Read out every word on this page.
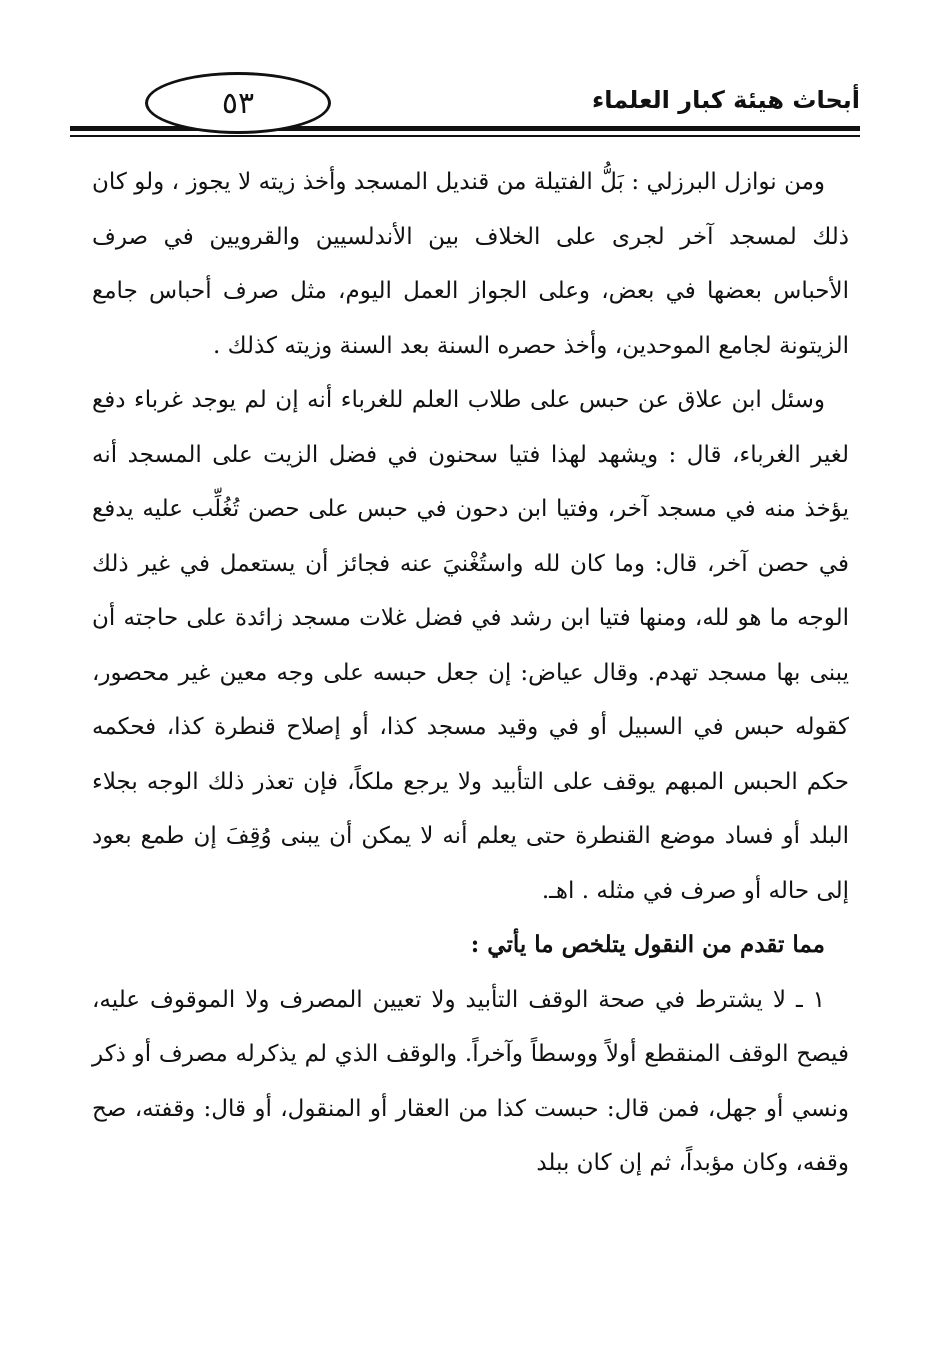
٥٣	أبحاث هيئة كبار العلماء

ومن نوازل البرزلي : بَلُّ الفتيلة من قنديل المسجد وأخذ زيته لا يجوز ، ولو كان ذلك لمسجد آخر لجرى على الخلاف بين الأندلسيين والقرويين في صرف الأحباس بعضها في بعض، وعلى الجواز العمل اليوم، مثل صرف أحباس جامع الزيتونة لجامع الموحدين، وأخذ حصره السنة بعد السنة وزيته كذلك .

وسئل ابن علاق عن حبس على طلاب العلم للغرباء أنه إن لم يوجد غرباء دفع لغير الغرباء، قال : ويشهد لهذا فتيا سحنون في فضل الزيت على المسجد أنه يؤخذ منه في مسجد آخر، وفتيا ابن دحون في حبس على حصن تُغُلِّب عليه يدفع في حصن آخر، قال: وما كان لله واستُغْنيَ عنه فجائز أن يستعمل في غير ذلك الوجه ما هو لله، ومنها فتيا ابن رشد في فضل غلات مسجد زائدة على حاجته أن يبنى بها مسجد تهدم. وقال عياض: إن جعل حبسه على وجه معين غير محصور، كقوله حبس في السبيل أو في وقيد مسجد كذا، أو إصلاح قنطرة كذا، فحكمه حكم الحبس المبهم يوقف على التأبيد ولا يرجع ملكاً، فإن تعذر ذلك الوجه بجلاء البلد أو فساد موضع القنطرة حتى يعلم أنه لا يمكن أن يبنى وُقِفَ إن طمع بعود إلى حاله أو صرف في مثله . اهـ.

مما تقدم من النقول يتلخص ما يأتي :

١ ـ لا يشترط في صحة الوقف التأبيد ولا تعيين المصرف ولا الموقوف عليه، فيصح الوقف المنقطع أولاً ووسطاً وآخراً. والوقف الذي لم يذكرله مصرف أو ذكر ونسي أو جهل، فمن قال: حبست كذا من العقار أو المنقول، أو قال: وقفته، صح وقفه، وكان مؤبداً، ثم إن كان ببلد
